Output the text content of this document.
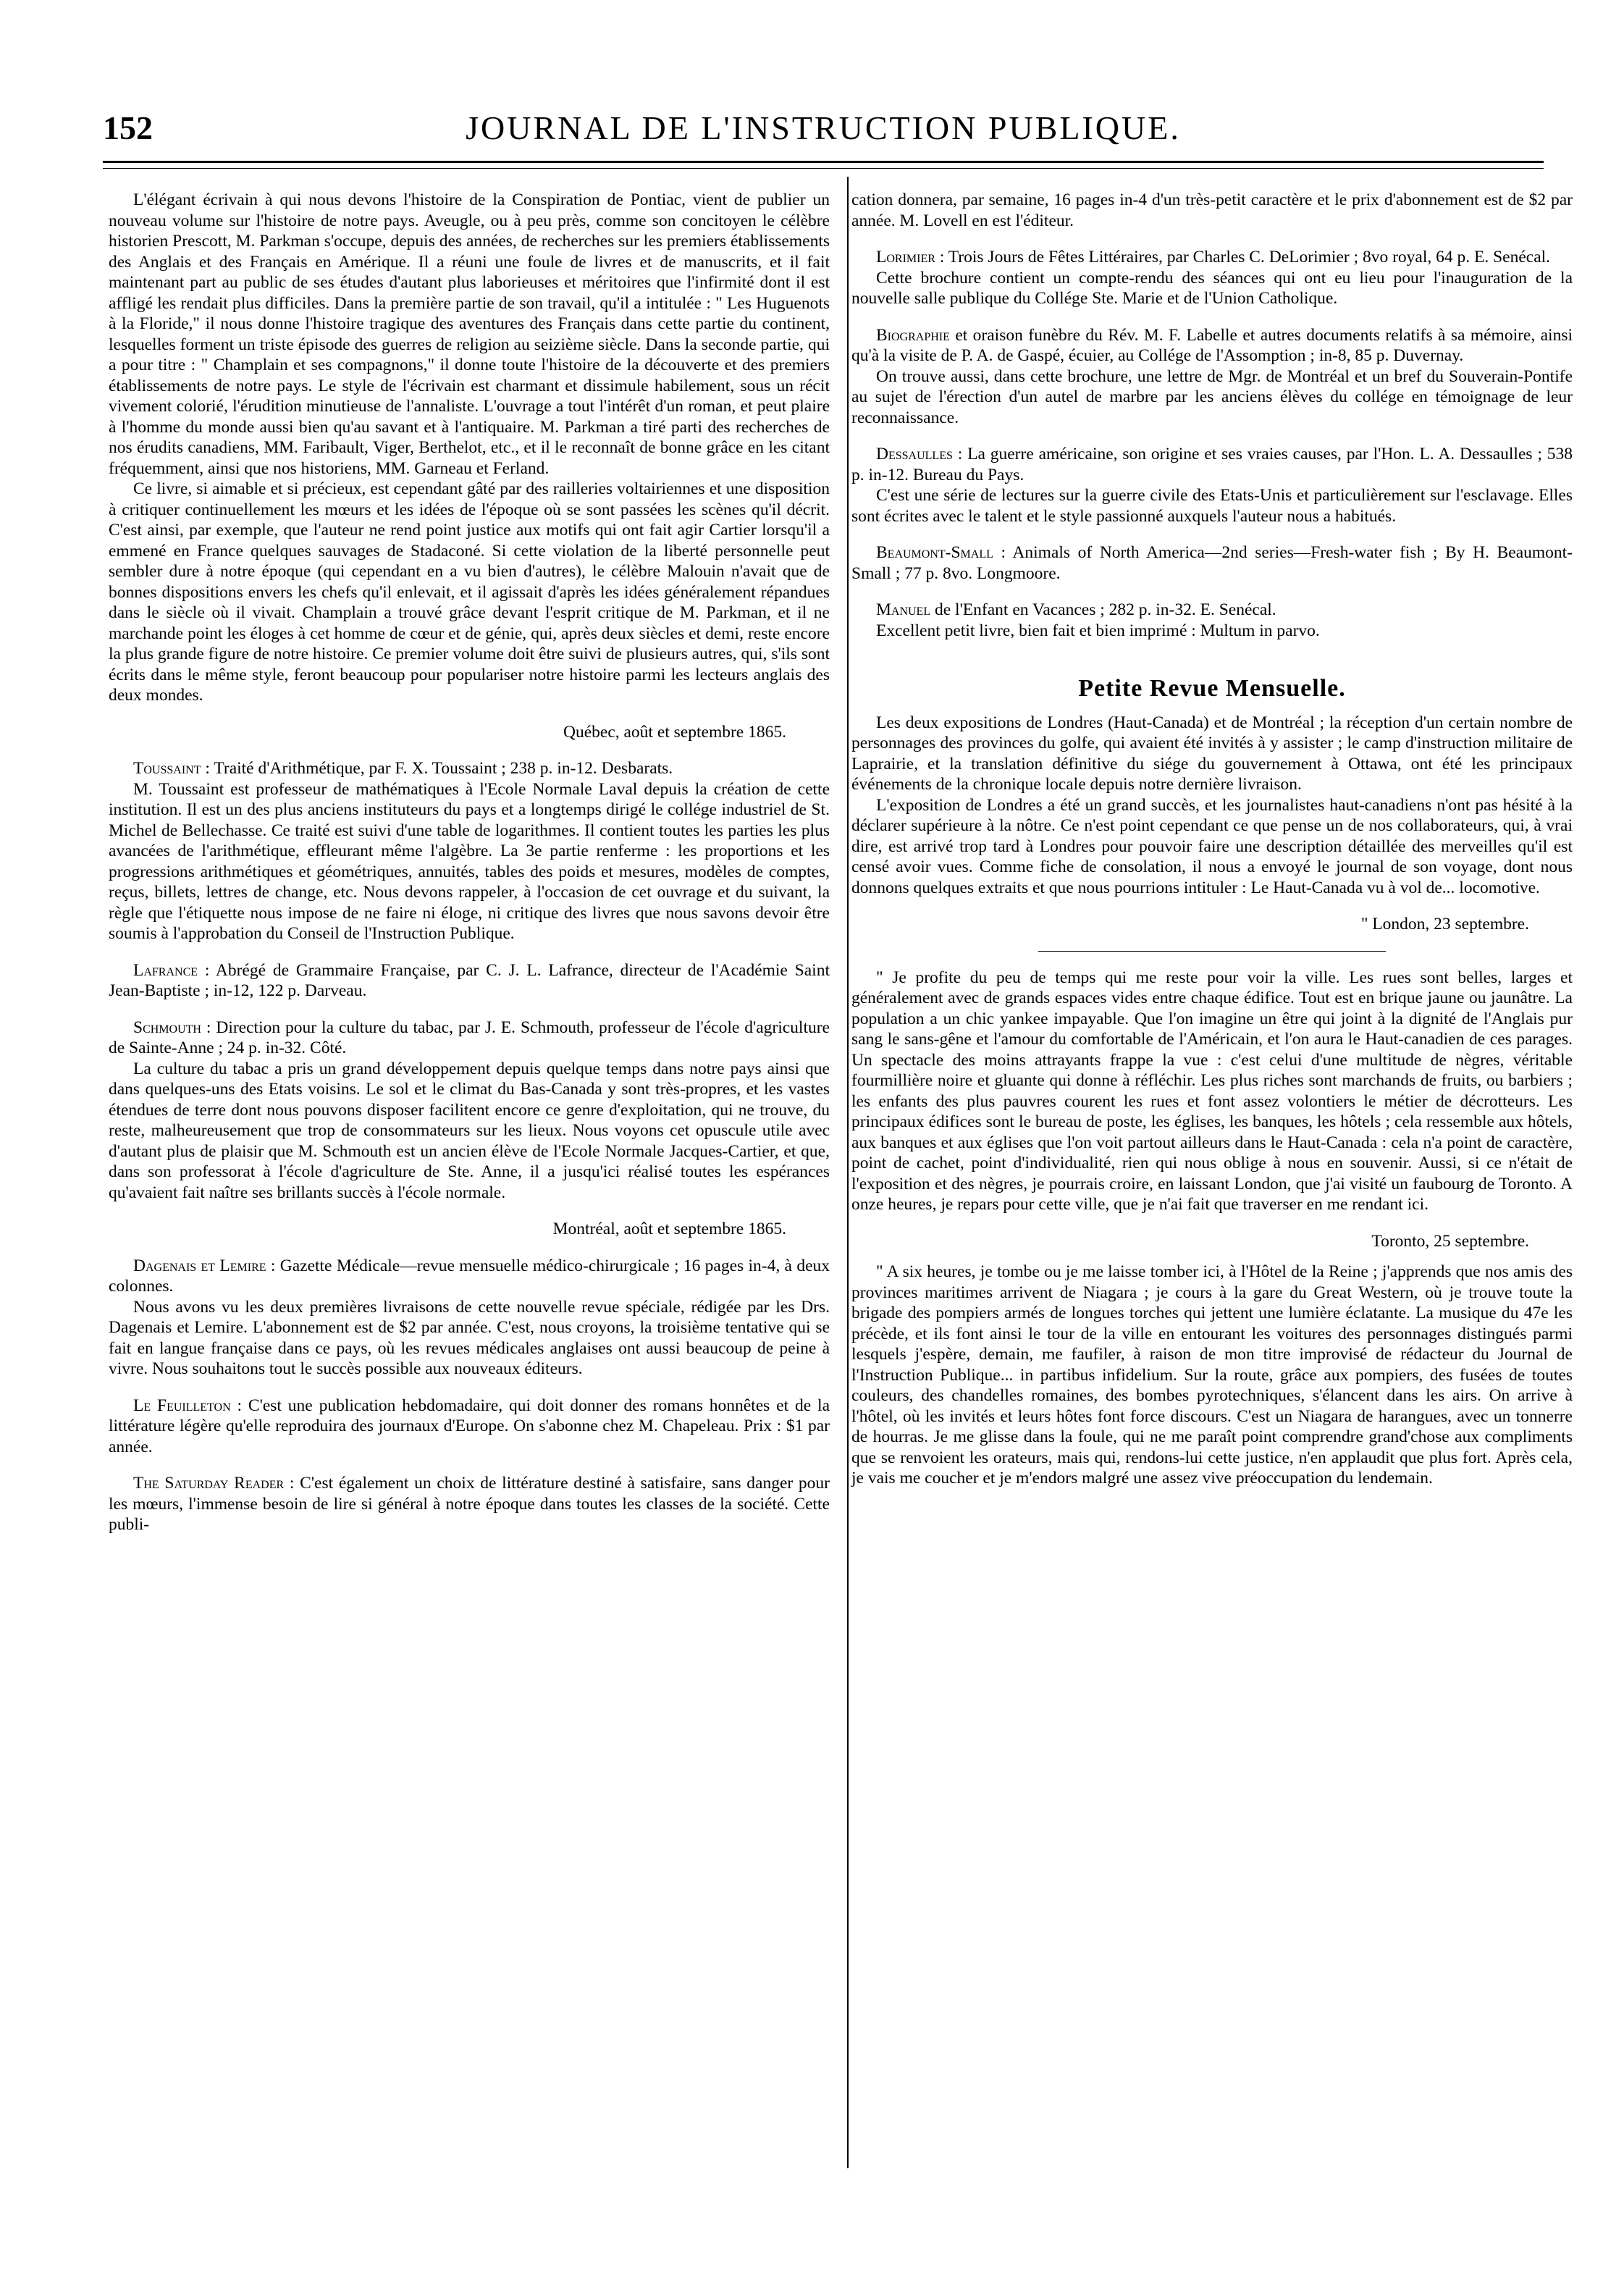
152	JOURNAL DE L'INSTRUCTION PUBLIQUE.

L'élégant écrivain à qui nous devons l'histoire de la Conspiration de Pontiac, vient de publier un nouveau volume sur l'histoire de notre pays. Aveugle, ou à peu près, comme son concitoyen le célèbre historien Prescott, M. Parkman s'occupe, depuis des années, de recherches sur les premiers établissements des Anglais et des Français en Amérique. Il a réuni une foule de livres et de manuscrits, et il fait maintenant part au public de ses études d'autant plus laborieuses et méritoires que l'infirmité dont il est affligé les rendait plus difficiles. Dans la première partie de son travail, qu'il a intitulée : " Les Huguenots à la Floride," il nous donne l'histoire tragique des aventures des Français dans cette partie du continent, lesquelles forment un triste épisode des guerres de religion au seizième siècle. Dans la seconde partie, qui a pour titre : " Champlain et ses compagnons," il donne toute l'histoire de la découverte et des premiers établissements de notre pays. Le style de l'écrivain est charmant et dissimule habilement, sous un récit vivement colorié, l'érudition minutieuse de l'annaliste. L'ouvrage a tout l'intérêt d'un roman, et peut plaire à l'homme du monde aussi bien qu'au savant et à l'antiquaire. M. Parkman a tiré parti des recherches de nos érudits canadiens, MM. Faribault, Viger, Berthelot, etc., et il le reconnaît de bonne grâce en les citant fréquemment, ainsi que nos historiens, MM. Garneau et Ferland.

Ce livre, si aimable et si précieux, est cependant gâté par des railleries voltairiennes et une disposition à critiquer continuellement les mœurs et les idées de l'époque où se sont passées les scènes qu'il décrit. C'est ainsi, par exemple, que l'auteur ne rend point justice aux motifs qui ont fait agir Cartier lorsqu'il a emmené en France quelques sauvages de Stadaconé. Si cette violation de la liberté personnelle peut sembler dure à notre époque (qui cependant en a vu bien d'autres), le célèbre Malouin n'avait que de bonnes dispositions envers les chefs qu'il enlevait, et il agissait d'après les idées généralement répandues dans le siècle où il vivait. Champlain a trouvé grâce devant l'esprit critique de M. Parkman, et il ne marchande point les éloges à cet homme de cœur et de génie, qui, après deux siècles et demi, reste encore la plus grande figure de notre histoire. Ce premier volume doit être suivi de plusieurs autres, qui, s'ils sont écrits dans le même style, feront beaucoup pour populariser notre histoire parmi les lecteurs anglais des deux mondes.

Québec, août et septembre 1865.

Toussaint : Traité d'Arithmétique, par F. X. Toussaint ; 238 p. in-12. Desbarats.

M. Toussaint est professeur de mathématiques à l'Ecole Normale Laval depuis la création de cette institution. Il est un des plus anciens instituteurs du pays et a longtemps dirigé le collége industriel de St. Michel de Bellechasse. Ce traité est suivi d'une table de logarithmes. Il contient toutes les parties les plus avancées de l'arithmétique, effleurant même l'algèbre. La 3e partie renferme : les proportions et les progressions arithmétiques et géométriques, annuités, tables des poids et mesures, modèles de comptes, reçus, billets, lettres de change, etc. Nous devons rappeler, à l'occasion de cet ouvrage et du suivant, la règle que l'étiquette nous impose de ne faire ni éloge, ni critique des livres que nous savons devoir être soumis à l'approbation du Conseil de l'Instruction Publique.

Lafrance : Abrégé de Grammaire Française, par C. J. L. Lafrance, directeur de l'Académie Saint Jean-Baptiste ; in-12, 122 p. Darveau.

Schmouth : Direction pour la culture du tabac, par J. E. Schmouth, professeur de l'école d'agriculture de Sainte-Anne ; 24 p. in-32. Côté.

La culture du tabac a pris un grand développement depuis quelque temps dans notre pays ainsi que dans quelques-uns des Etats voisins. Le sol et le climat du Bas-Canada y sont très-propres, et les vastes étendues de terre dont nous pouvons disposer facilitent encore ce genre d'exploitation, qui ne trouve, du reste, malheureusement que trop de consommateurs sur les lieux. Nous voyons cet opuscule utile avec d'autant plus de plaisir que M. Schmouth est un ancien élève de l'Ecole Normale Jacques-Cartier, et que, dans son professorat à l'école d'agriculture de Ste. Anne, il a jusqu'ici réalisé toutes les espérances qu'avaient fait naître ses brillants succès à l'école normale.

Montréal, août et septembre 1865.

Dagenais et Lemire : Gazette Médicale—revue mensuelle médico-chirurgicale ; 16 pages in-4, à deux colonnes.

Nous avons vu les deux premières livraisons de cette nouvelle revue spéciale, rédigée par les Drs. Dagenais et Lemire. L'abonnement est de $2 par année. C'est, nous croyons, la troisième tentative qui se fait en langue française dans ce pays, où les revues médicales anglaises ont aussi beaucoup de peine à vivre. Nous souhaitons tout le succès possible aux nouveaux éditeurs.

Le Feuilleton : C'est une publication hebdomadaire, qui doit donner des romans honnêtes et de la littérature légère qu'elle reproduira des journaux d'Europe. On s'abonne chez M. Chapeleau. Prix : $1 par année.

The Saturday Reader : C'est également un choix de littérature destiné à satisfaire, sans danger pour les mœurs, l'immense besoin de lire si général à notre époque dans toutes les classes de la société. Cette publi-

cation donnera, par semaine, 16 pages in-4 d'un très-petit caractère et le prix d'abonnement est de $2 par année. M. Lovell en est l'éditeur.

Lorimier : Trois Jours de Fêtes Littéraires, par Charles C. DeLorimier ; 8vo royal, 64 p. E. Senécal.

Cette brochure contient un compte-rendu des séances qui ont eu lieu pour l'inauguration de la nouvelle salle publique du Collége Ste. Marie et de l'Union Catholique.

Biographie et oraison funèbre du Rév. M. F. Labelle et autres documents relatifs à sa mémoire, ainsi qu'à la visite de P. A. de Gaspé, écuier, au Collége de l'Assomption ; in-8, 85 p. Duvernay.

On trouve aussi, dans cette brochure, une lettre de Mgr. de Montréal et un bref du Souverain-Pontife au sujet de l'érection d'un autel de marbre par les anciens élèves du collége en témoignage de leur reconnaissance.

Dessaulles : La guerre américaine, son origine et ses vraies causes, par l'Hon. L. A. Dessaulles ; 538 p. in-12. Bureau du Pays.

C'est une série de lectures sur la guerre civile des Etats-Unis et particulièrement sur l'esclavage. Elles sont écrites avec le talent et le style passionné auxquels l'auteur nous a habitués.

Beaumont-Small : Animals of North America—2nd series—Fresh-water fish ; By H. Beaumont-Small ; 77 p. 8vo. Longmoore.

Manuel de l'Enfant en Vacances ; 282 p. in-32. E. Senécal.

Excellent petit livre, bien fait et bien imprimé : Multum in parvo.

Petite Revue Mensuelle.

Les deux expositions de Londres (Haut-Canada) et de Montréal ; la réception d'un certain nombre de personnages des provinces du golfe, qui avaient été invités à y assister ; le camp d'instruction militaire de Laprairie, et la translation définitive du siége du gouvernement à Ottawa, ont été les principaux événements de la chronique locale depuis notre dernière livraison.

L'exposition de Londres a été un grand succès, et les journalistes haut-canadiens n'ont pas hésité à la déclarer supérieure à la nôtre. Ce n'est point cependant ce que pense un de nos collaborateurs, qui, à vrai dire, est arrivé trop tard à Londres pour pouvoir faire une description détaillée des merveilles qu'il est censé avoir vues. Comme fiche de consolation, il nous a envoyé le journal de son voyage, dont nous donnons quelques extraits et que nous pourrions intituler : Le Haut-Canada vu à vol de... locomotive.

" London, 23 septembre.

" Je profite du peu de temps qui me reste pour voir la ville. Les rues sont belles, larges et généralement avec de grands espaces vides entre chaque édifice. Tout est en brique jaune ou jaunâtre. La population a un chic yankee impayable. Que l'on imagine un être qui joint à la dignité de l'Anglais pur sang le sans-gêne et l'amour du comfortable de l'Américain, et l'on aura le Haut-canadien de ces parages. Un spectacle des moins attrayants frappe la vue : c'est celui d'une multitude de nègres, véritable fourmillière noire et gluante qui donne à réfléchir. Les plus riches sont marchands de fruits, ou barbiers ; les enfants des plus pauvres courent les rues et font assez volontiers le métier de décrotteurs. Les principaux édifices sont le bureau de poste, les églises, les banques, les hôtels ; cela ressemble aux hôtels, aux banques et aux églises que l'on voit partout ailleurs dans le Haut-Canada : cela n'a point de caractère, point de cachet, point d'individualité, rien qui nous oblige à nous en souvenir. Aussi, si ce n'était de l'exposition et des nègres, je pourrais croire, en laissant London, que j'ai visité un faubourg de Toronto. A onze heures, je repars pour cette ville, que je n'ai fait que traverser en me rendant ici.

Toronto, 25 septembre.

" A six heures, je tombe ou je me laisse tomber ici, à l'Hôtel de la Reine ; j'apprends que nos amis des provinces maritimes arrivent de Niagara ; je cours à la gare du Great Western, où je trouve toute la brigade des pompiers armés de longues torches qui jettent une lumière éclatante. La musique du 47e les précède, et ils font ainsi le tour de la ville en entourant les voitures des personnages distingués parmi lesquels j'espère, demain, me faufiler, à raison de mon titre improvisé de rédacteur du Journal de l'Instruction Publique... in partibus infidelium. Sur la route, grâce aux pompiers, des fusées de toutes couleurs, des chandelles romaines, des bombes pyrotechniques, s'élancent dans les airs. On arrive à l'hôtel, où les invités et leurs hôtes font force discours. C'est un Niagara de harangues, avec un tonnerre de hourras. Je me glisse dans la foule, qui ne me paraît point comprendre grand'chose aux compliments que se renvoient les orateurs, mais qui, rendons-lui cette justice, n'en applaudit que plus fort. Après cela, je vais me coucher et je m'endors malgré une assez vive préoccupation du lendemain.
